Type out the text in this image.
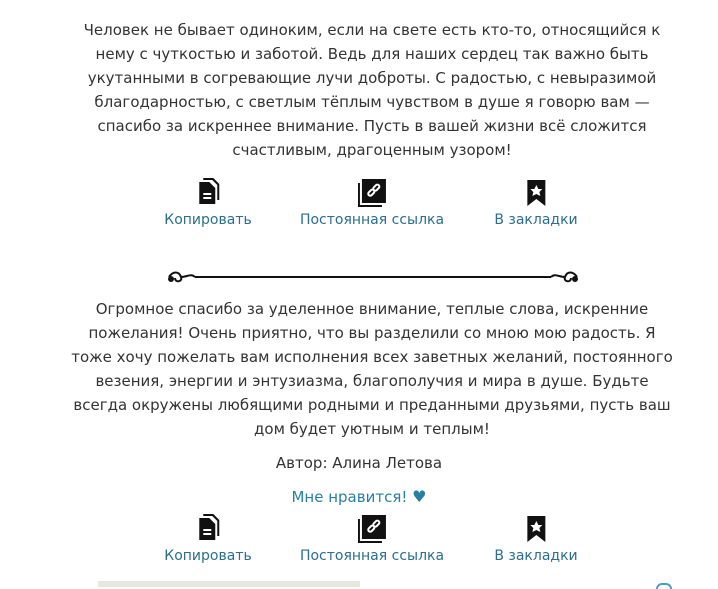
Человек не бывает одиноким, если на свете есть кто-то, относящийся к нему с чуткостью и заботой. Ведь для наших сердец так важно быть укутанными в согревающие лучи доброты. С радостью, с невыразимой благодарностью, с светлым тёплым чувством в душе я говорю вам — спасибо за искреннее внимание. Пусть в вашей жизни всё сложится счастливым, драгоценным узором!

Копировать	Постоянная ссылка	В закладки

Огромное спасибо за уделенное внимание, теплые слова, искренние пожелания! Очень приятно, что вы разделили со мною мою радость. Я тоже хочу пожелать вам исполнения всех заветных желаний, постоянного везения, энергии и энтузиазма, благополучия и мира в душе. Будьте всегда окружены любящими родными и преданными друзьями, пусть ваш дом будет уютным и теплым!

Автор: Алина Летова
Мне нравится! ♥
Копировать	Постоянная ссылка	В закладки
